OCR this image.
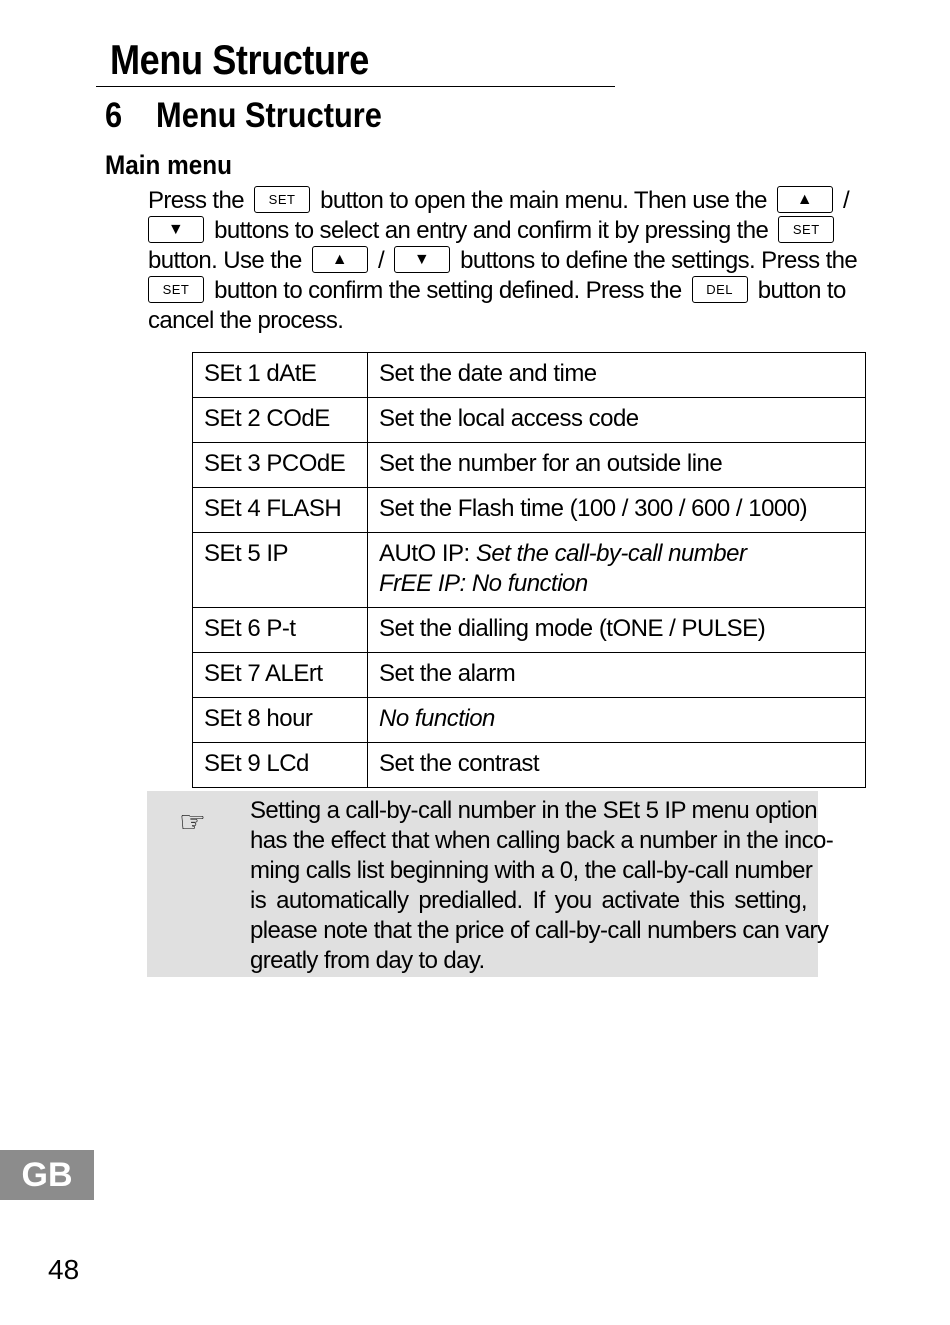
Menu Structure
6 Menu Structure
Main menu
Press the SET button to open the main menu. Then use the ▲ /
▼ buttons to select an entry and confirm it by pressing the SET
button. Use the ▲ / ▼ buttons to define the settings. Press the
SET button to confirm the setting defined. Press the DEL button to
cancel the process.
SEt 1 dAtE	Set the date and time
SEt 2 COdE	Set the local access code
SEt 3 PCOdE	Set the number for an outside line
SEt 4 FLASH	Set the Flash time (100 / 300 / 600 / 1000)
SEt 5 IP	AUtO IP: Set the call-by-call number
FrEE IP: No function
SEt 6 P-t	Set the dialling mode (tONE / PULSE)
SEt 7 ALErt	Set the alarm
SEt 8 hour	No function
SEt 9 LCd	Set the contrast
☞ Setting a call-by-call number in the SEt 5 IP menu option
has the effect that when calling back a number in the inco-
ming calls list beginning with a 0, the call-by-call number
is automatically predialled. If you activate this setting,
please note that the price of call-by-call numbers can vary
greatly from day to day.
GB
48
